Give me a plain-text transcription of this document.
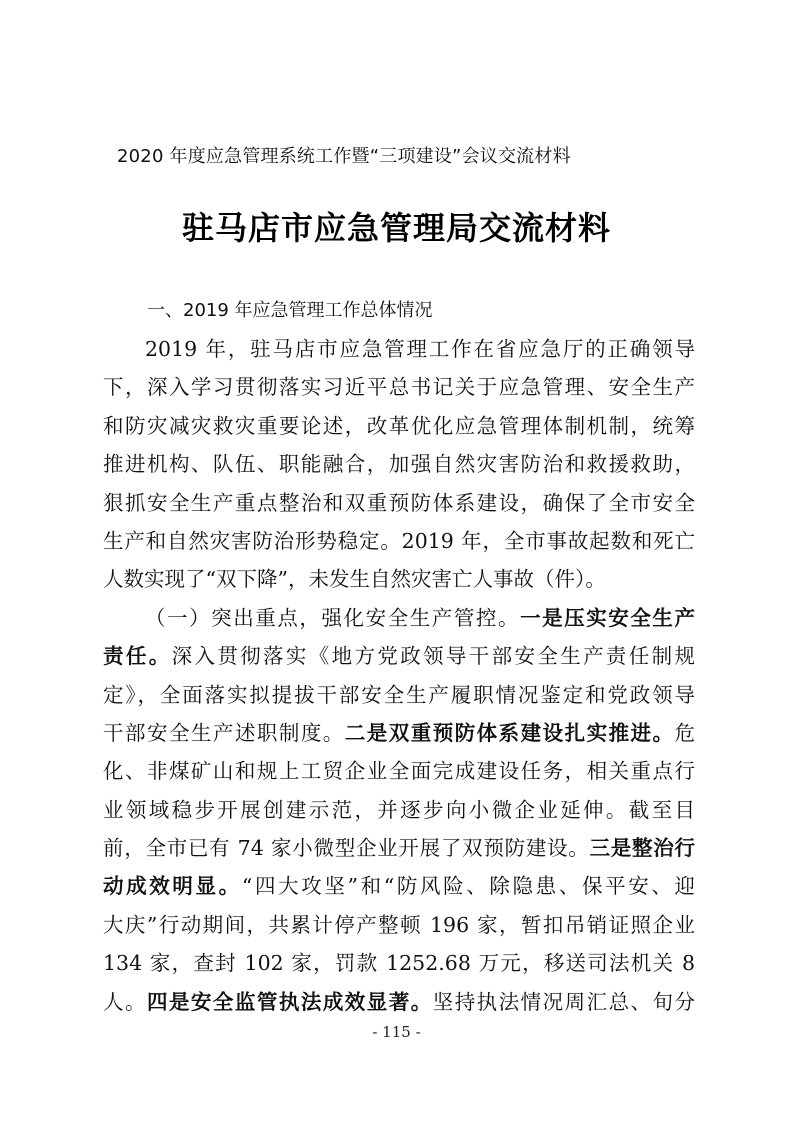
2020 年度应急管理系统工作暨“三项建设”会议交流材料
驻马店市应急管理局交流材料
一、2019 年应急管理工作总体情况
2019 年，驻马店市应急管理工作在省应急厅的正确领导
下，深入学习贯彻落实习近平总书记关于应急管理、安全生产
和防灾减灾救灾重要论述，改革优化应急管理体制机制，统筹
推进机构、队伍、职能融合，加强自然灾害防治和救援救助，
狠抓安全生产重点整治和双重预防体系建设，确保了全市安全
生产和自然灾害防治形势稳定。2019 年，全市事故起数和死亡
人数实现了“双下降”，未发生自然灾害亡人事故（件）。
（一）突出重点，强化安全生产管控。一是压实安全生产
责任。深入贯彻落实《地方党政领导干部安全生产责任制规
定》，全面落实拟提拔干部安全生产履职情况鉴定和党政领导
干部安全生产述职制度。二是双重预防体系建设扎实推进。危
化、非煤矿山和规上工贸企业全面完成建设任务，相关重点行
业领域稳步开展创建示范，并逐步向小微企业延伸。截至目
前，全市已有 74 家小微型企业开展了双预防建设。三是整治行
动成效明显。“四大攻坚”和“防风险、除隐患、保平安、迎
大庆”行动期间，共累计停产整顿 196 家，暂扣吊销证照企业
134 家，查封 102 家，罚款 1252.68 万元，移送司法机关 8
人。四是安全监管执法成效显著。坚持执法情况周汇总、旬分
- 115 -
